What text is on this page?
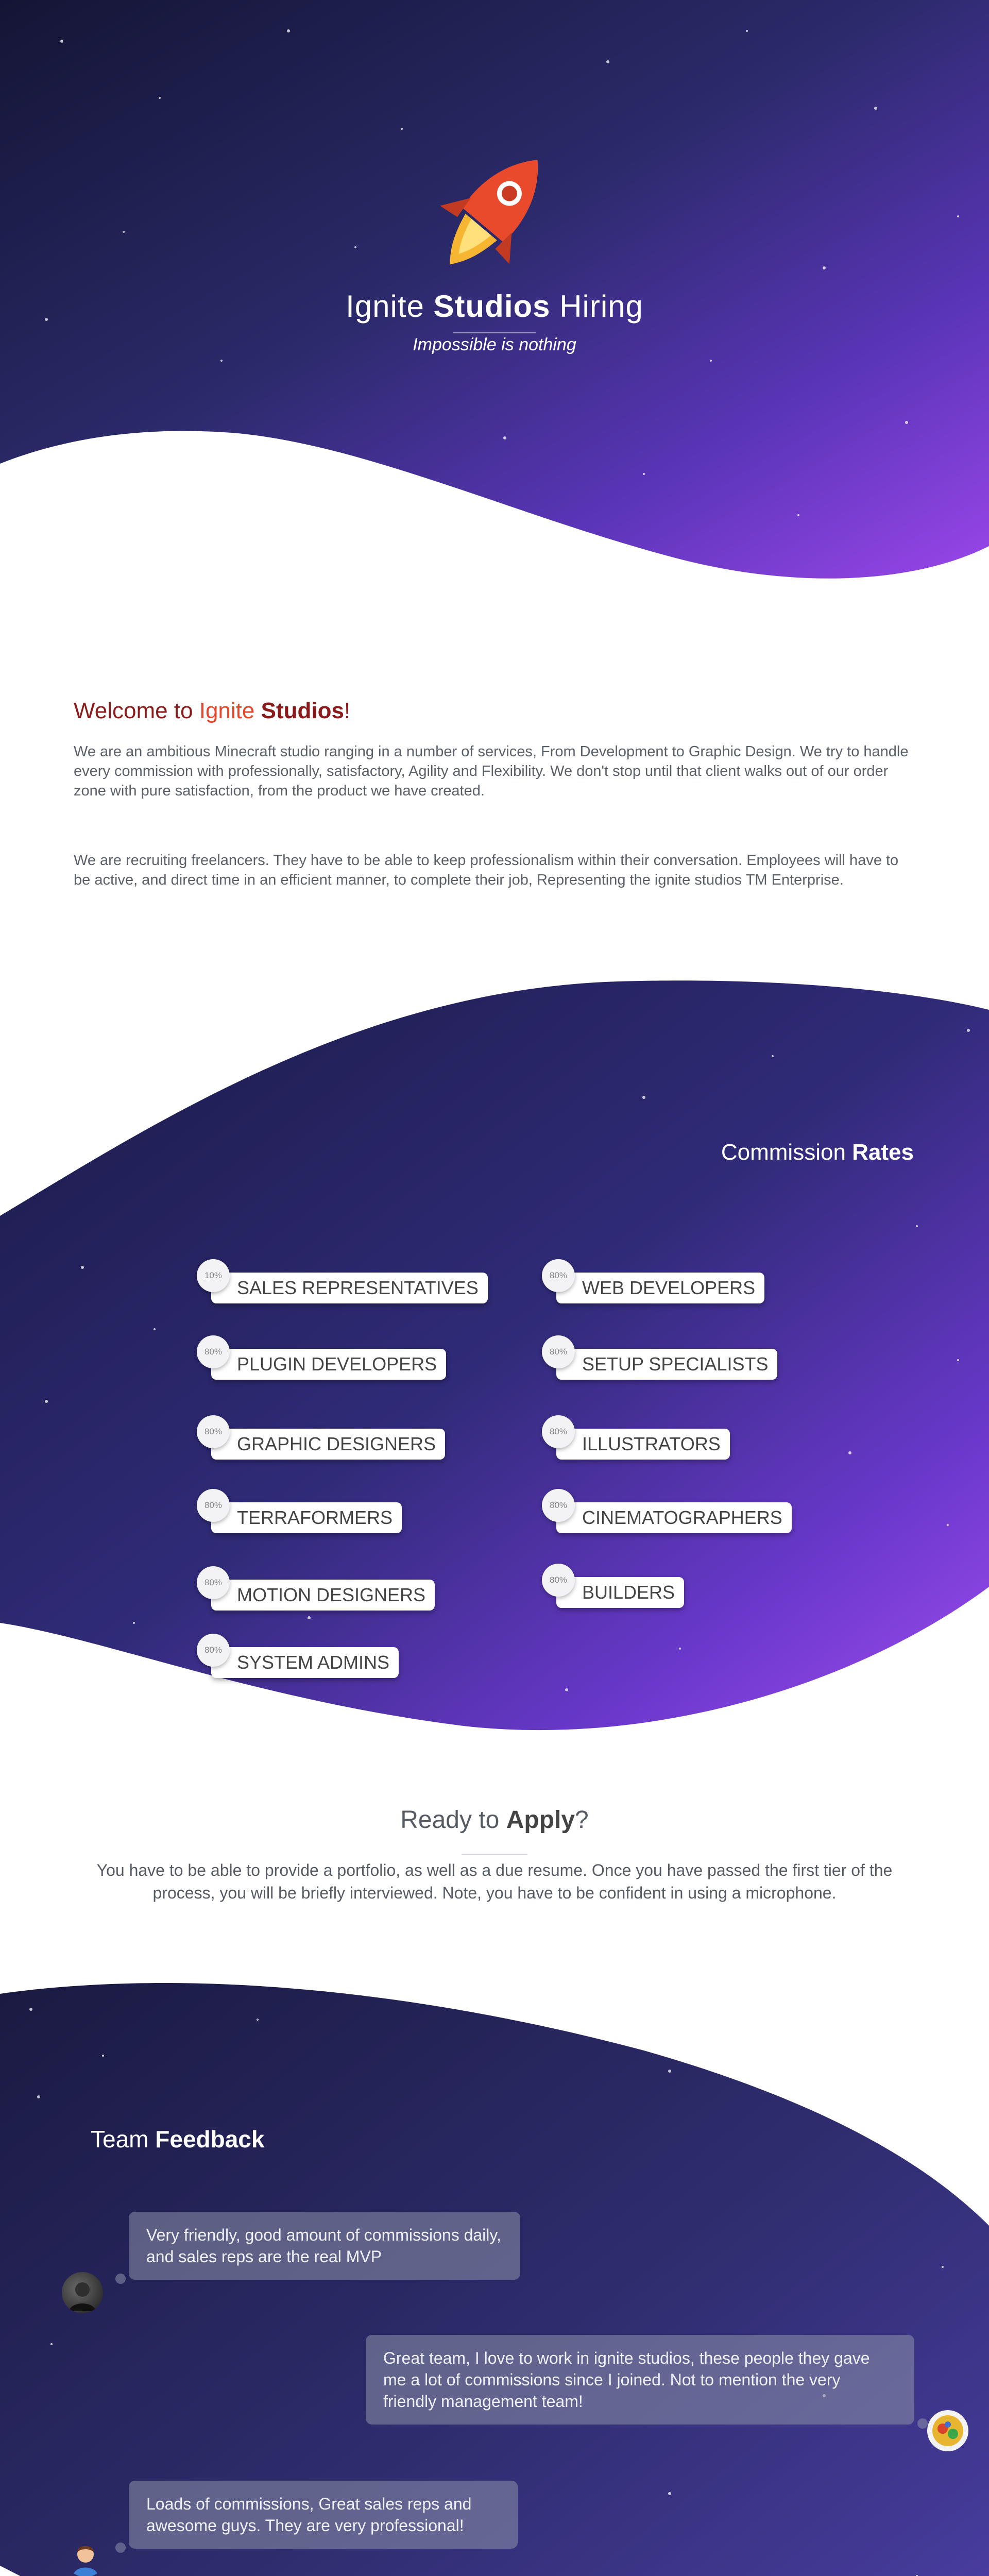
Ignite Studios Hiring
Impossible is nothing
Welcome to Ignite Studios!
We are an ambitious Minecraft studio ranging in a number of services, From Development to Graphic Design. We try to handle every commission with professionally, satisfactory, Agility and Flexibility. We don't stop until that client walks out of our order zone with pure satisfaction, from the product we have created.
We are recruiting freelancers. They have to be able to keep professionalism within their conversation. Employees will have to be active, and direct time in an efficient manner, to complete their job, Representing the ignite studios TM Enterprise.
Commission Rates
10%
SALES REPRESENTATIVES
80%
PLUGIN DEVELOPERS
80%
GRAPHIC DESIGNERS
80%
TERRAFORMERS
80%
MOTION DESIGNERS
80%
SYSTEM ADMINS
80%
WEB DEVELOPERS
80%
SETUP SPECIALISTS
80%
ILLUSTRATORS
80%
CINEMATOGRAPHERS
80%
BUILDERS
Ready to Apply?
You have to be able to provide a portfolio, as well as a due resume. Once you have passed the first tier of the process, you will be briefly interviewed. Note, you have to be confident in using a microphone.
Team Feedback
Very friendly, good amount of commissions daily, and sales reps are the real MVP
Great team, I love to work in ignite studios, these people they gave me a lot of commissions since I joined. Not to mention the very friendly management team!
Loads of commissions, Great sales reps and awesome guys. They are very professional!
